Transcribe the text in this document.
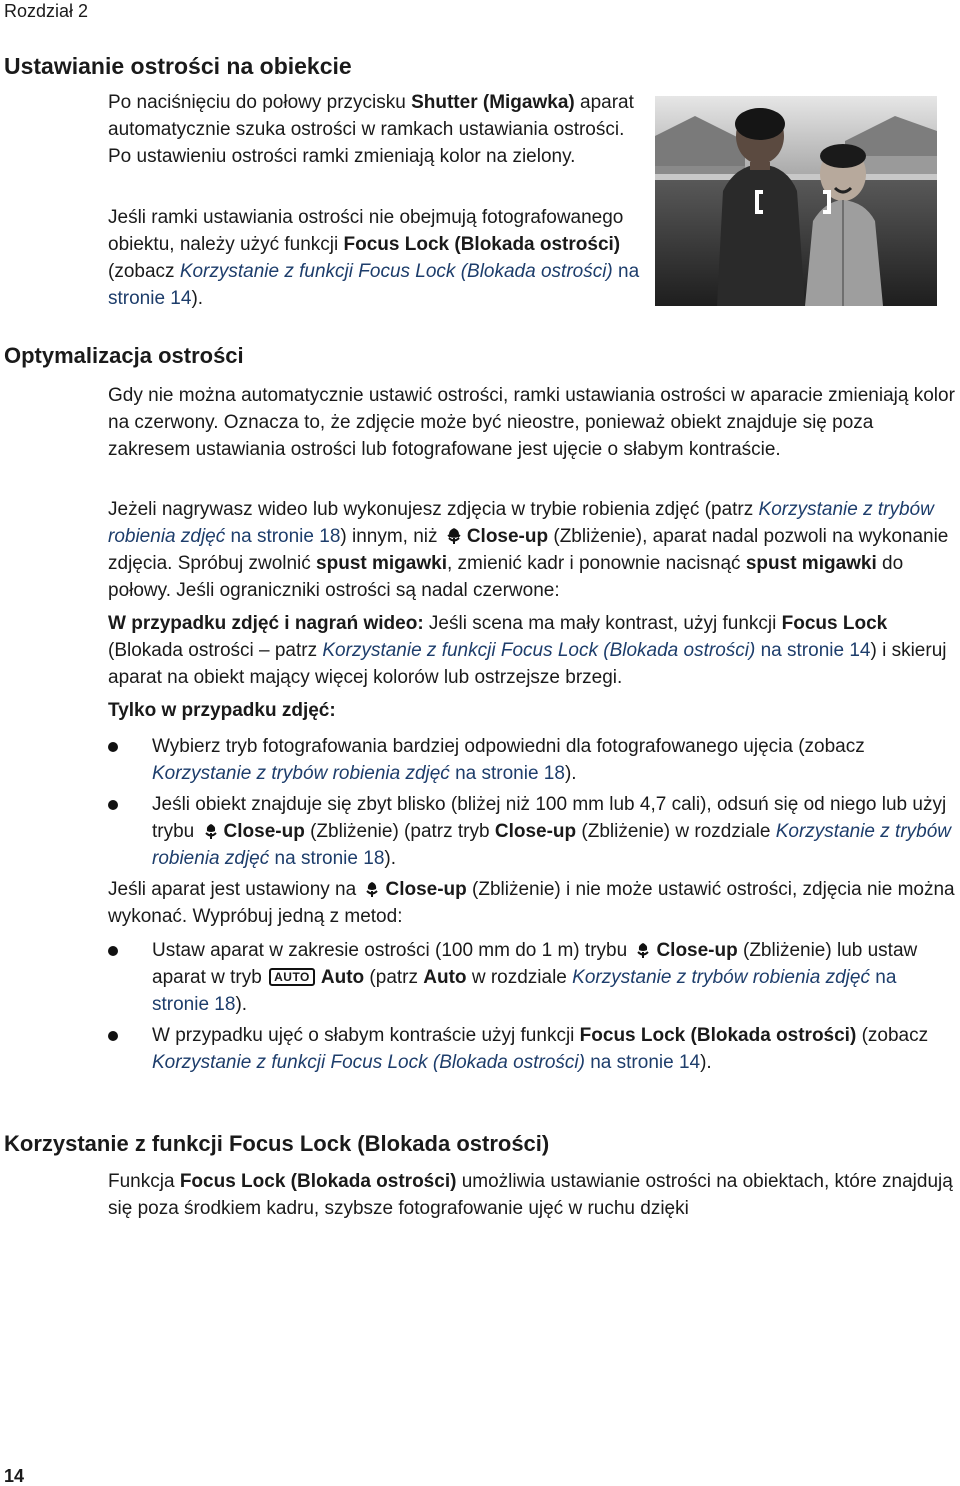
Rozdział 2
Ustawianie ostrości na obiekcie

Po naciśnięciu do połowy przycisku Shutter (Migawka) aparat automatycznie szuka ostrości w ramkach ustawiania ostrości. Po ustawieniu ostrości ramki zmieniają kolor na zielony.

Jeśli ramki ustawiania ostrości nie obejmują fotografowanego obiektu, należy użyć funkcji Focus Lock (Blokada ostrości) (zobacz Korzystanie z funkcji Focus Lock (Blokada ostrości) na stronie 14).

Optymalizacja ostrości

Gdy nie można automatycznie ustawić ostrości, ramki ustawiania ostrości w aparacie zmieniają kolor na czerwony. Oznacza to, że zdjęcie może być nieostre, ponieważ obiekt znajduje się poza zakresem ustawiania ostrości lub fotografowane jest ujęcie o słabym kontraście.

Jeżeli nagrywasz wideo lub wykonujesz zdjęcia w trybie robienia zdjęć (patrz Korzystanie z trybów robienia zdjęć na stronie 18) innym, niż Close-up (Zbliżenie), aparat nadal pozwoli na wykonanie zdjęcia. Spróbuj zwolnić spust migawki, zmienić kadr i ponownie nacisnąć spust migawki do połowy. Jeśli ograniczniki ostrości są nadal czerwone:

W przypadku zdjęć i nagrań wideo: Jeśli scena ma mały kontrast, użyj funkcji Focus Lock (Blokada ostrości – patrz Korzystanie z funkcji Focus Lock (Blokada ostrości) na stronie 14) i skieruj aparat na obiekt mający więcej kolorów lub ostrzejsze brzegi.

Tylko w przypadku zdjęć:

Wybierz tryb fotografowania bardziej odpowiedni dla fotografowanego ujęcia (zobacz Korzystanie z trybów robienia zdjęć na stronie 18).
Jeśli obiekt znajduje się zbyt blisko (bliżej niż 100 mm lub 4,7 cali), odsuń się od niego lub użyj trybu Close-up (Zbliżenie) (patrz tryb Close-up (Zbliżenie) w rozdziale Korzystanie z trybów robienia zdjęć na stronie 18).

Jeśli aparat jest ustawiony na Close-up (Zbliżenie) i nie może ustawić ostrości, zdjęcia nie można wykonać. Wypróbuj jedną z metod:

Ustaw aparat w zakresie ostrości (100 mm do 1 m) trybu Close-up (Zbliżenie) lub ustaw aparat w tryb AUTO Auto (patrz Auto w rozdziale Korzystanie z trybów robienia zdjęć na stronie 18).
W przypadku ujęć o słabym kontraście użyj funkcji Focus Lock (Blokada ostrości) (zobacz Korzystanie z funkcji Focus Lock (Blokada ostrości) na stronie 14).
Korzystanie z funkcji Focus Lock (Blokada ostrości)

Funkcja Focus Lock (Blokada ostrości) umożliwia ustawianie ostrości na obiektach, które znajdują się poza środkiem kadru, szybsze fotografowanie ujęć w ruchu dzięki

14
